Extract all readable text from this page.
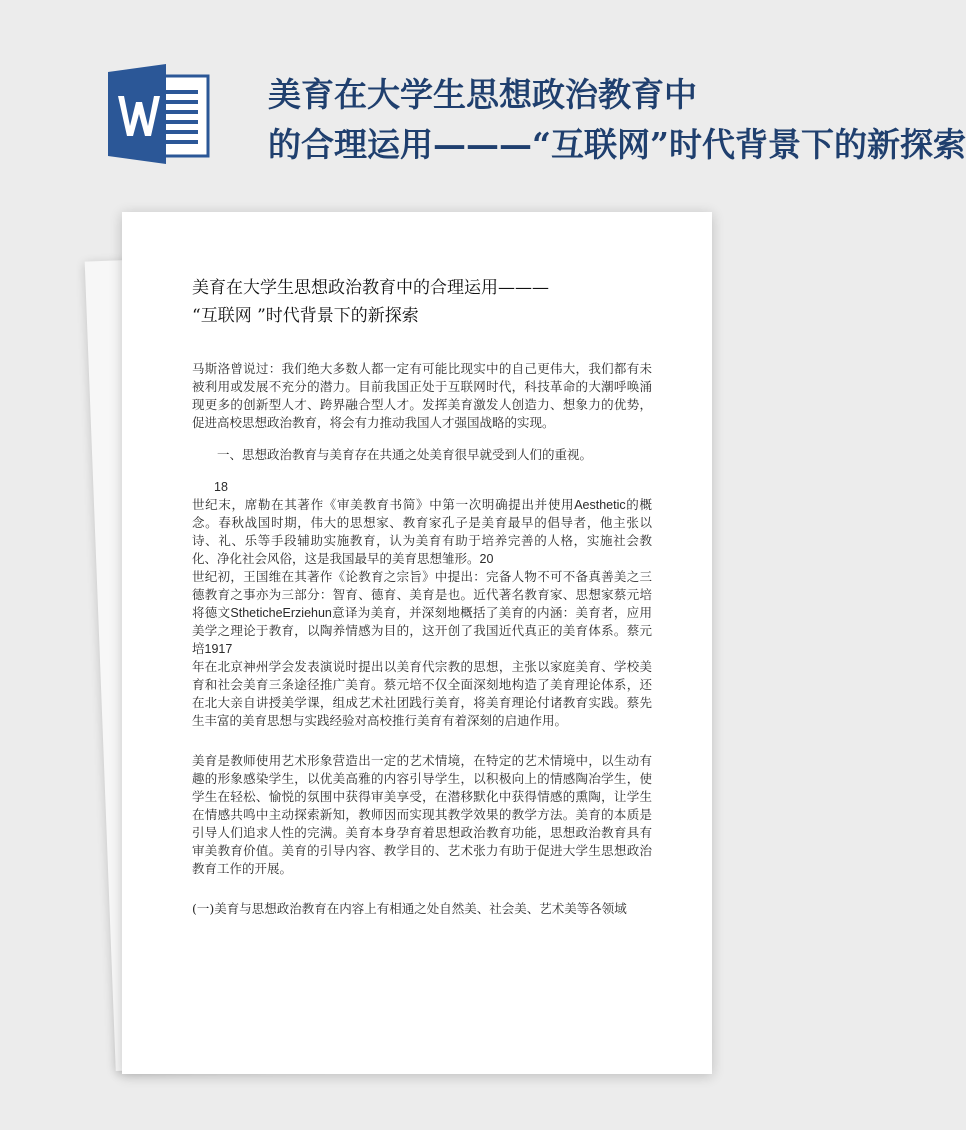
美育在大学生思想政治教育中
的合理运用———“互联网”时代背景下的新探索
美育在大学生思想政治教育中的合理运用———
“互联网 ”时代背景下的新探索

马斯洛曾说过：我们绝大多数人都一定有可能比现实中的自己更伟大，我们都有未被利用或发展不充分的潜力。目前我国正处于互联网时代，科技革命的大潮呼唤涌现更多的创新型人才、跨界融合型人才。发挥美育激发人创造力、想象力的优势，促进高校思想政治教育，将会有力推动我国人才强国战略的实现。

一、思想政治教育与美育存在共通之处美育很早就受到人们的重视。

18

世纪末，席勒在其著作《审美教育书简》中第一次明确提出并使用Aesthetic的概念。春秋战国时期，伟大的思想家、教育家孔子是美育最早的倡导者，他主张以诗、礼、乐等手段辅助实施教育，认为美育有助于培养完善的人格，实施社会教化、净化社会风俗，这是我国最早的美育思想雏形。20
世纪初，王国维在其著作《论教育之宗旨》中提出：完备人物不可不备真善美之三德教育之事亦为三部分：智育、德育、美育是也。近代著名教育家、思想家蔡元培将德文StheticheErziehun意译为美育，并深刻地概括了美育的内涵：美育者，应用美学之理论于教育，以陶养情感为目的，这开创了我国近代真正的美育体系。蔡元培1917
年在北京神州学会发表演说时提出以美育代宗教的思想，主张以家庭美育、学校美育和社会美育三条途径推广美育。蔡元培不仅全面深刻地构造了美育理论体系，还在北大亲自讲授美学课，组成艺术社团践行美育，将美育理论付诸教育实践。蔡先生丰富的美育思想与实践经验对高校推行美育有着深刻的启迪作用。

美育是教师使用艺术形象营造出一定的艺术情境，在特定的艺术情境中，以生动有趣的形象感染学生，以优美高雅的内容引导学生，以积极向上的情感陶冶学生，使学生在轻松、愉悦的氛围中获得审美享受，在潜移默化中获得情感的熏陶，让学生在情感共鸣中主动探索新知，教师因而实现其教学效果的教学方法。美育的本质是引导人们追求人性的完满。美育本身孕育着思想政治教育功能，思想政治教育具有审美教育价值。美育的引导内容、教学目的、艺术张力有助于促进大学生思想政治教育工作的开展。

(一)美育与思想政治教育在内容上有相通之处自然美、社会美、艺术美等各领域
